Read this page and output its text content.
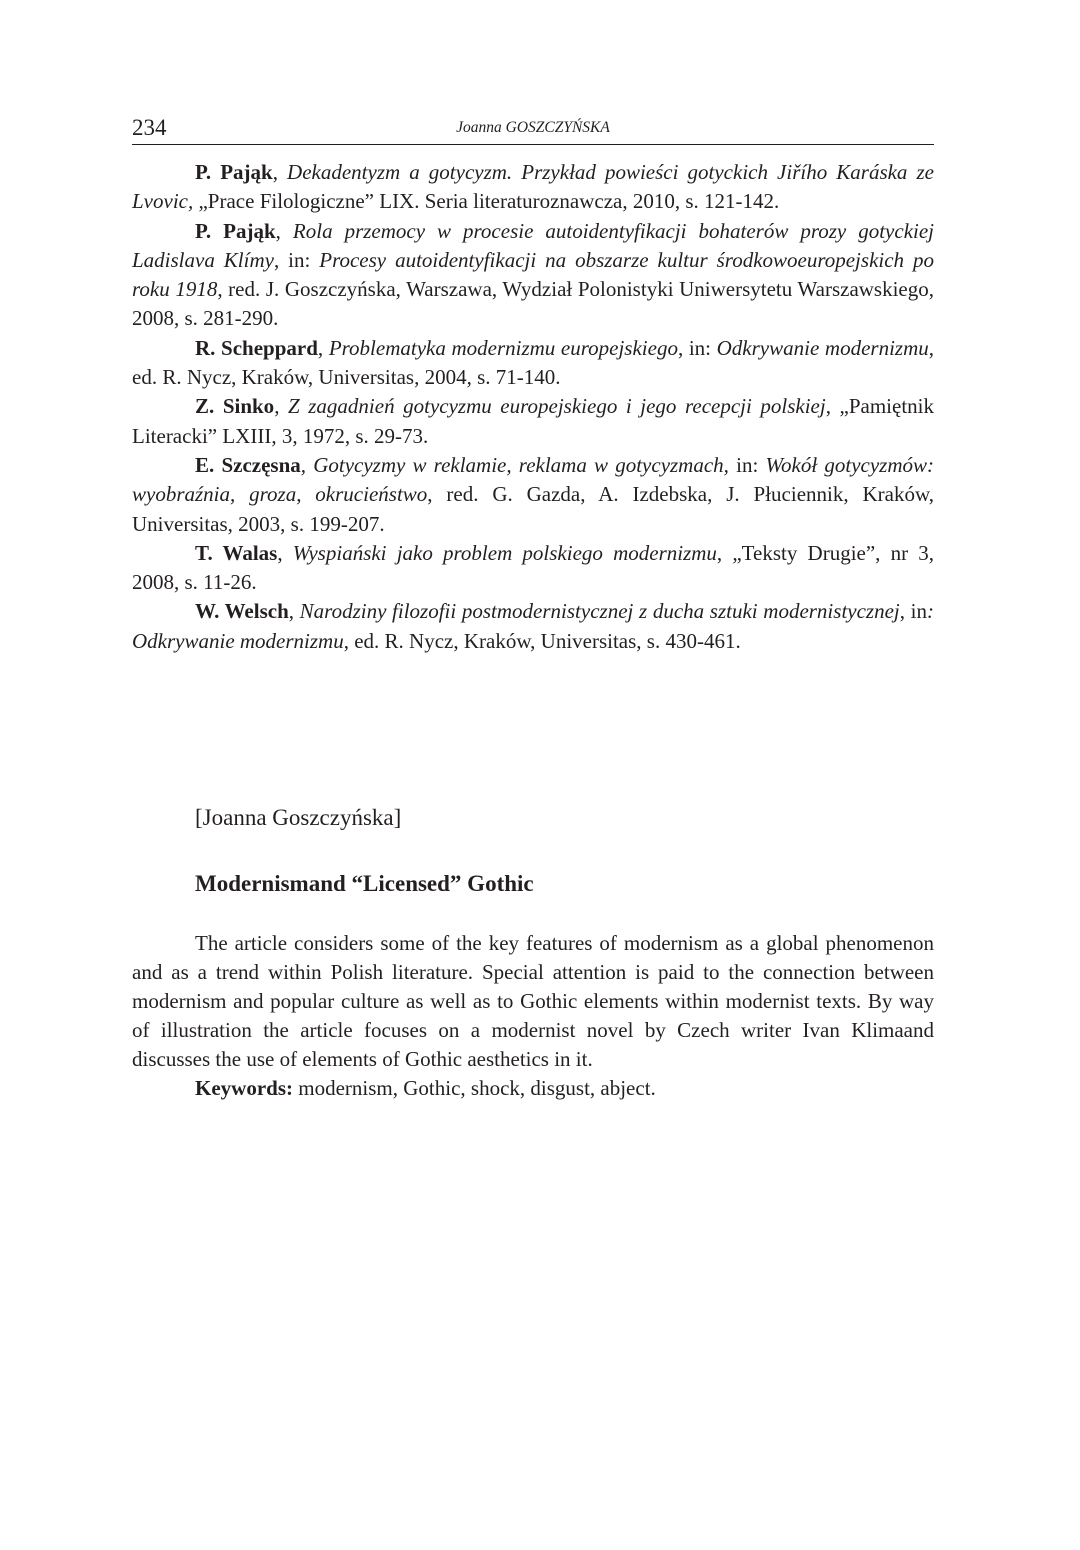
234	Joanna GOSZCZYŃSKA

P. Pająk, Dekadentyzm a gotycyzm. Przykład powieści gotyckich Jiřího Karáska ze Lvovic, „Prace Filologiczne” LIX. Seria literaturoznawcza, 2010, s. 121-142.

P. Pająk, Rola przemocy w procesie autoidentyfikacji bohaterów prozy gotyckiej Ladislava Klímy, in: Procesy autoidentyfikacji na obszarze kultur środkowoeuropejskich po roku 1918, red. J. Goszczyńska, Warszawa, Wydział Polonistyki Uniwersytetu Warszawskiego, 2008, s. 281-290.

R. Scheppard, Problematyka modernizmu europejskiego, in: Odkrywanie modernizmu, ed. R. Nycz, Kraków, Universitas, 2004, s. 71-140.

Z. Sinko, Z zagadnień gotycyzmu europejskiego i jego recepcji polskiej, „Pamiętnik Literacki” LXIII, 3, 1972, s. 29-73.

E. Szczęsna, Gotycyzmy w reklamie, reklama w gotycyzmach, in: Wokół gotycyzmów: wyobraźnia, groza, okrucieństwo, red. G. Gazda, A. Izdebska, J. Płuciennik, Kraków, Universitas, 2003, s. 199-207.

T. Walas, Wyspiański jako problem polskiego modernizmu, „Teksty Drugie”, nr 3, 2008, s. 11-26.

W. Welsch, Narodziny filozofii postmodernistycznej z ducha sztuki modernistycznej, in: Odkrywanie modernizmu, ed. R. Nycz, Kraków, Universitas, s. 430-461.

[Joanna Goszczyńska]
Modernismand “Licensed” Gothic

The article considers some of the key features of modernism as a global phenomenon and as a trend within Polish literature. Special attention is paid to the connection between modernism and popular culture as well as to Gothic elements within modernist texts. By way of illustration the article focuses on a modernist novel by Czech writer Ivan Klimaand discusses the use of elements of Gothic aesthetics in it.

Keywords: modernism, Gothic, shock, disgust, abject.
